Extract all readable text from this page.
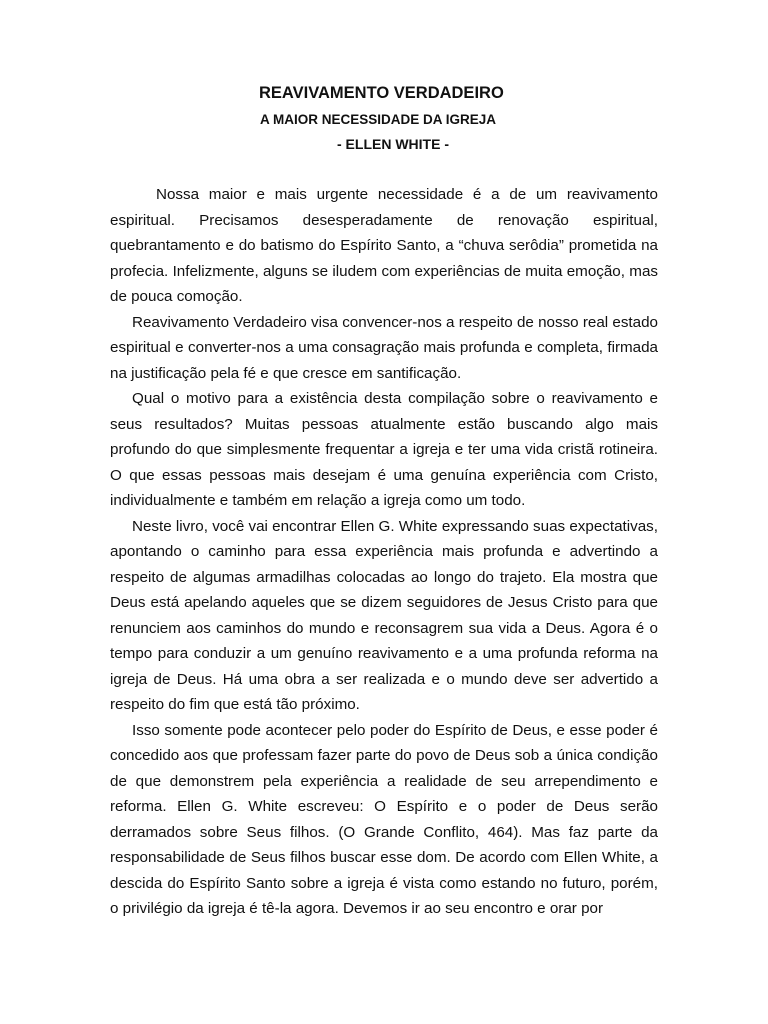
REAVIVAMENTO VERDADEIRO
A MAIOR NECESSIDADE DA IGREJA
- ELLEN WHITE -

Nossa maior e mais urgente necessidade é a de um reavivamento espiritual. Precisamos desesperadamente de renovação espiritual, quebrantamento e do batismo do Espírito Santo, a “chuva serôdia” prometida na profecia. Infelizmente, alguns se iludem com experiências de muita emoção, mas de pouca comoção.

Reavivamento Verdadeiro visa convencer-nos a respeito de nosso real estado espiritual e converter-nos a uma consagração mais profunda e completa, firmada na justificação pela fé e que cresce em santificação.

Qual o motivo para a existência desta compilação sobre o reavivamento e seus resultados? Muitas pessoas atualmente estão buscando algo mais profundo do que simplesmente frequentar a igreja e ter uma vida cristã rotineira. O que essas pessoas mais desejam é uma genuína experiência com Cristo, individualmente e também em relação a igreja como um todo.

Neste livro, você vai encontrar Ellen G. White expressando suas expectativas, apontando o caminho para essa experiência mais profunda e advertindo a respeito de algumas armadilhas colocadas ao longo do trajeto. Ela mostra que Deus está apelando aqueles que se dizem seguidores de Jesus Cristo para que renunciem aos caminhos do mundo e reconsagrem sua vida a Deus. Agora é o tempo para conduzir a um genuíno reavivamento e a uma profunda reforma na igreja de Deus. Há uma obra a ser realizada e o mundo deve ser advertido a respeito do fim que está tão próximo.

Isso somente pode acontecer pelo poder do Espírito de Deus, e esse poder é concedido aos que professam fazer parte do povo de Deus sob a única condição de que demonstrem pela experiência a realidade de seu arrependimento e reforma. Ellen G. White escreveu: O Espírito e o poder de Deus serão derramados sobre Seus filhos. (O Grande Conflito, 464). Mas faz parte da responsabilidade de Seus filhos buscar esse dom. De acordo com Ellen White, a descida do Espírito Santo sobre a igreja é vista como estando no futuro, porém, o privilégio da igreja é tê-la agora. Devemos ir ao seu encontro e orar por
